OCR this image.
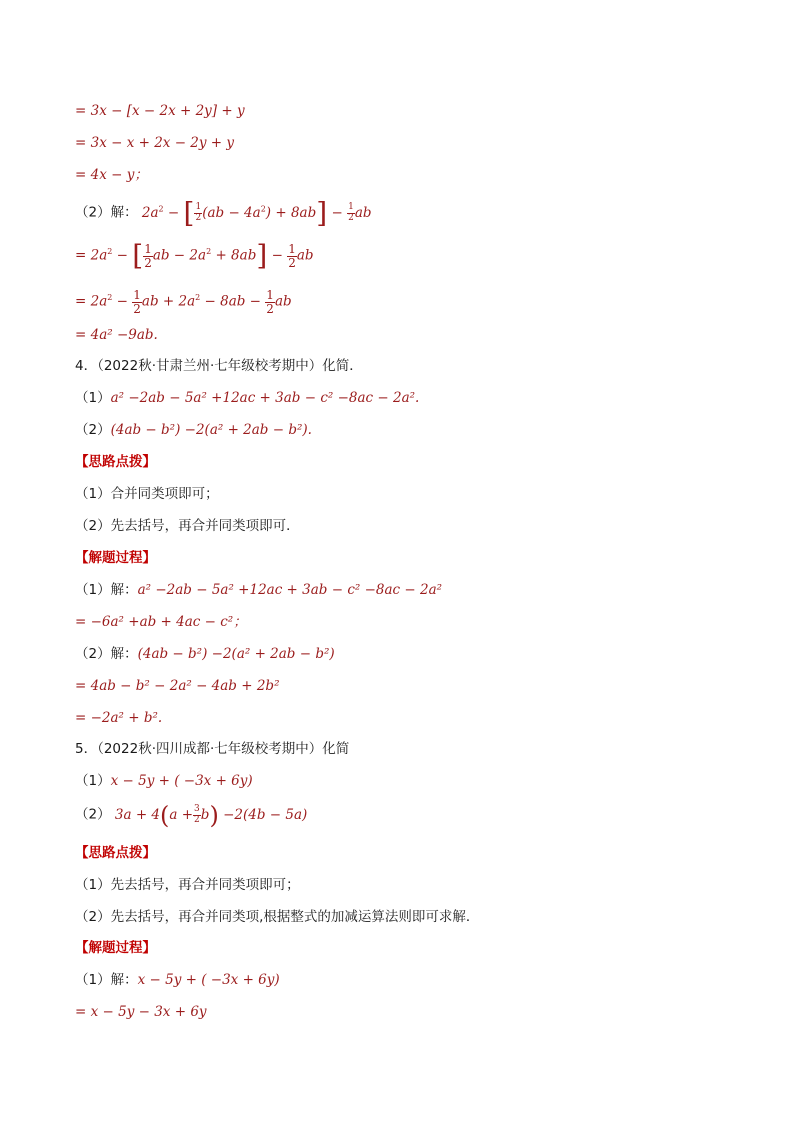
= 3x − [x − 2x + 2y] + y
= 3x − x + 2x − 2y + y
= 4x − y；
（2）解： $2a^2$ − [ $\frac{1}{2} (ab - 4a^2) + 8ab] - \frac{1}{2}$ ab
= $2a^2$ − [ $\frac{1}{2}$ ab − $2a^2 + 8ab] - \frac{1}{2}$ ab
= $2a^2 - \frac{1}{2}$ ab + $2a^2 - 8ab - \frac{1}{2}$ ab
= 4a² −9ab.
4．（2022秋·甘肃兰州·七年级校考期中）化简．
（1）a² −2ab − 5a² +12ac + 3ab − c² −8ac − 2a².
（2）(4ab − b²) −2(a² + 2ab − b²).
【思路点拨】
（1）合并同类项即可；
（2）先去括号，再合并同类项即可．
【解题过程】
（1）解：a² −2ab − 5a² +12ac + 3ab − c² −8ac − 2a²
= −6a² +ab + 4ac − c²；
（2）解：(4ab − b²) −2(a² + 2ab − b²)
= 4ab − b² − 2a² − 4ab + 2b²
= −2a² + b².
5．（2022秋·四川成都·七年级校考期中）化简
（1）x − 5y + ( −3x + 6y)
（2） $3a + 4(a + \frac{3}{2} b) -2(4b - 5a)$
【思路点拨】
（1）先去括号，再合并同类项即可；
（2）先去括号，再合并同类项,根据整式的加减运算法则即可求解．
【解题过程】
（1）解：x − 5y + ( −3x + 6y)
= x − 5y − 3x + 6y
